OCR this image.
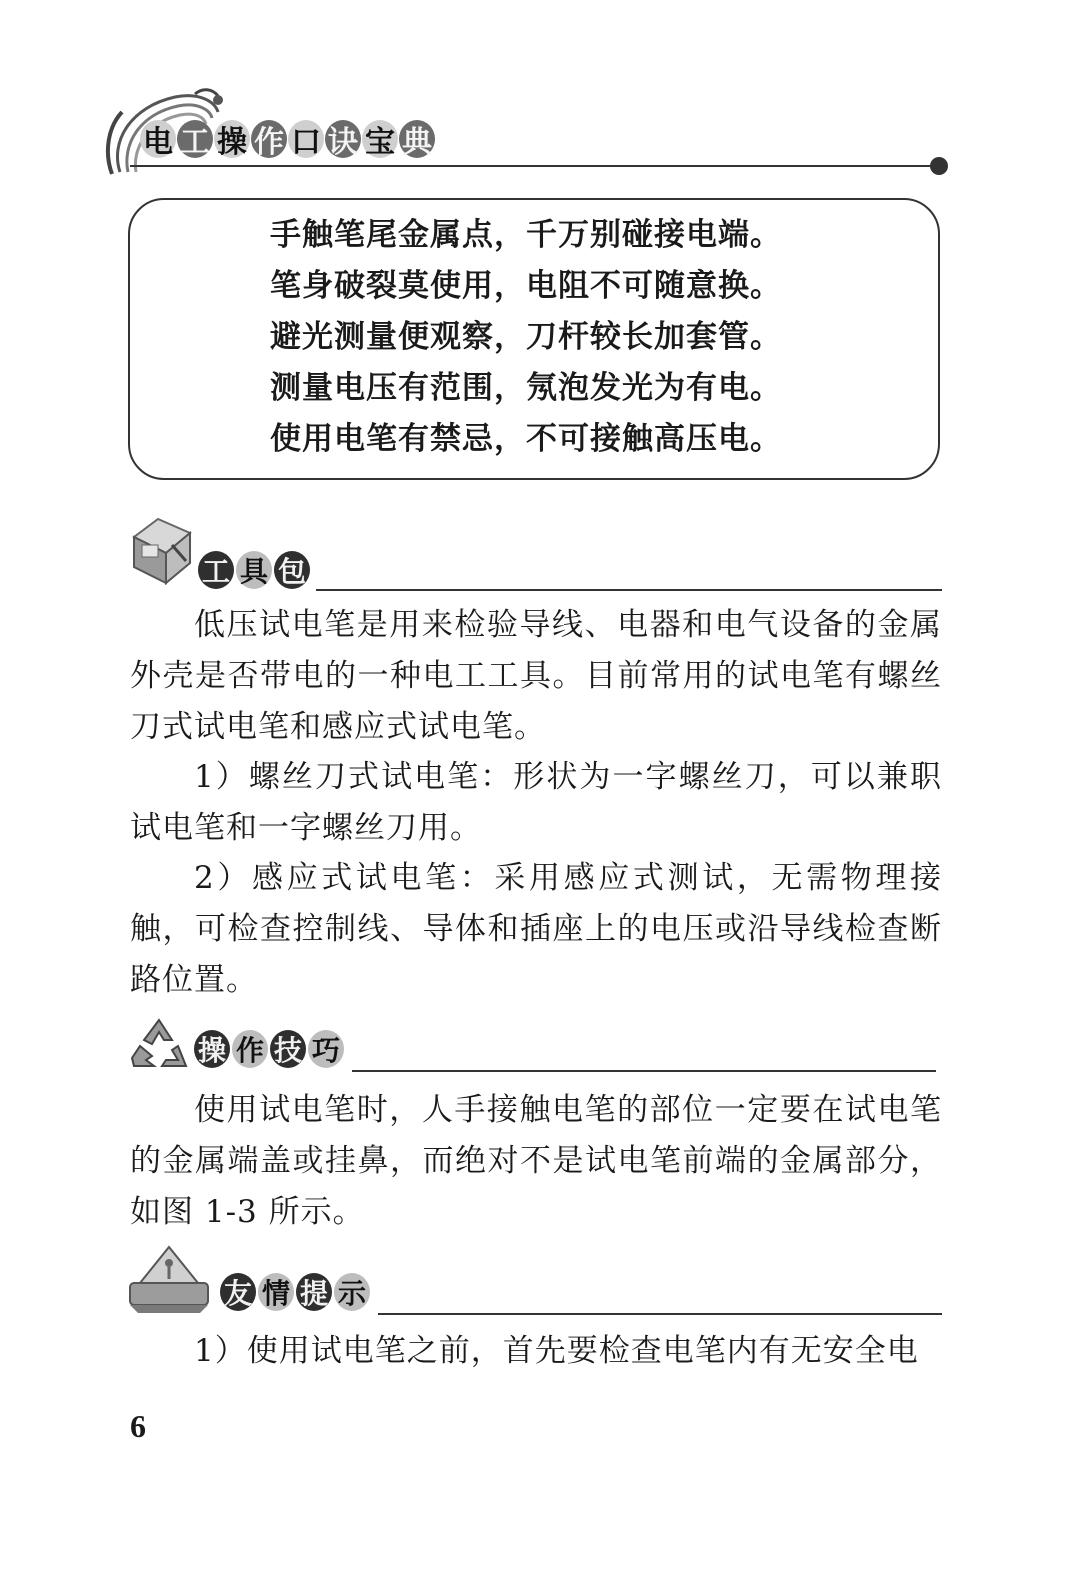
电 工 操 作 口 诀 宝 典
手触笔尾金属点，千万别碰接电端。
笔身破裂莫使用，电阻不可随意换。
避光测量便观察，刀杆较长加套管。
测量电压有范围，氖泡发光为有电。
使用电笔有禁忌，不可接触高压电。
工 具 包
低压试电笔是用来检验导线、电器和电气设备的金属外壳是否带电的一种电工工具。目前常用的试电笔有螺丝刀式试电笔和感应式试电笔。
1）螺丝刀式试电笔：形状为一字螺丝刀，可以兼职试电笔和一字螺丝刀用。
2）感应式试电笔：采用感应式测试，无需物理接触，可检查控制线、导体和插座上的电压或沿导线检查断路位置。
操 作 技 巧
使用试电笔时，人手接触电笔的部位一定要在试电笔的金属端盖或挂鼻，而绝对不是试电笔前端的金属部分，如图 1-3 所示。
友 情 提 示
1）使用试电笔之前，首先要检查电笔内有无安全电
6
